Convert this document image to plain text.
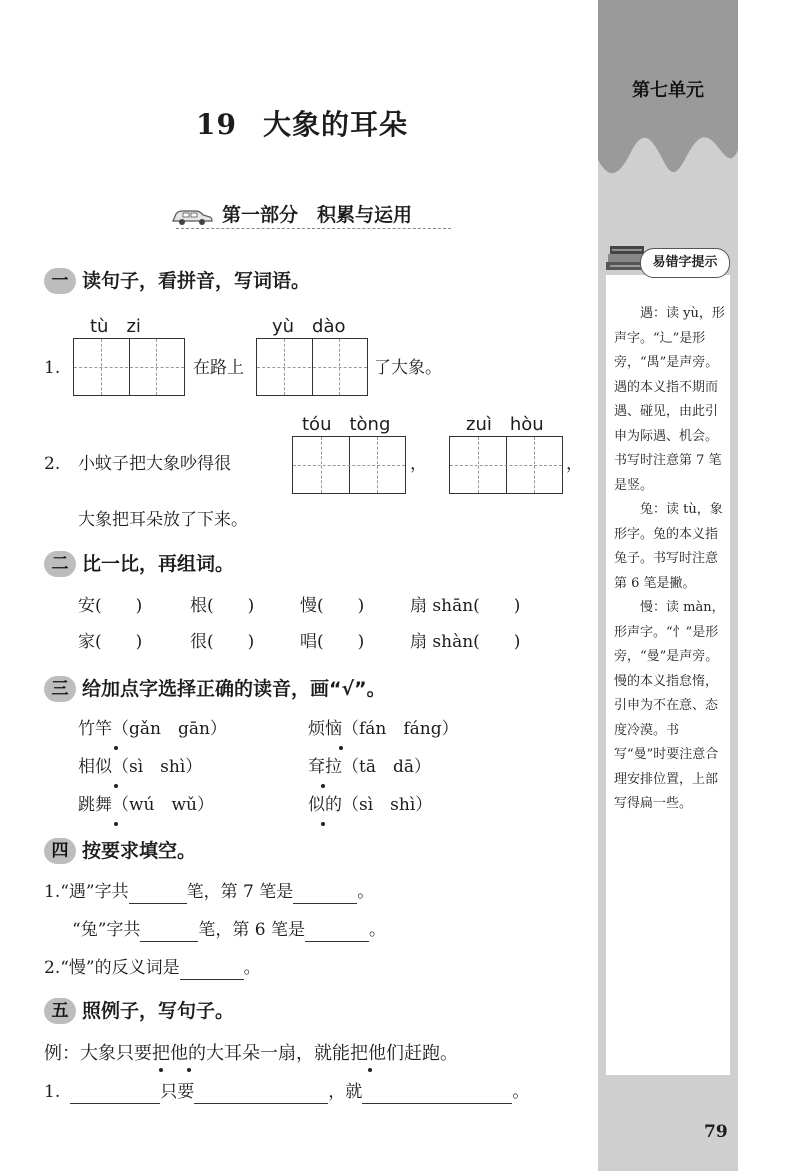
第七单元
易错字提示

遇：读 yù，形声字。“辶”是形旁，“禺”是声旁。遇的本义指不期而遇、碰见，由此引申为际遇、机会。书写时注意第 7 笔是竖。

兔：读 tù，象形字。兔的本义指兔子。书写时注意第 6 笔是撇。

慢：读 màn，形声字。“忄”是形旁，“曼”是声旁。慢的本义指怠惰，引申为不在意、态度冷漠。书写“曼”时要注意合理安排位置，上部写得扁一些。

79
19 大象的耳朵
第一部分　积累与运用
一 读句子，看拼音，写词语。
tù　zi	yù　dào
1.	在路上	了大象。
tóu　tòng	zuì　hòu
2. 小蚊子把大象吵得很	，	，
大象把耳朵放了下来。
二 比一比，再组词。
安(　　)	根(　　)	慢(　　)	扇 shān(　　)
家(　　)	很(　　)	唱(　　)	扇 shàn(　　)
三 给加点字选择正确的读音，画“√”。
竹竿（gǎn　gān）	烦恼（fán　fáng）
相似（sì　shì）	耷拉（tā　dā）
跳舞（wú　wǔ）	似的（sì　shì）
四 按要求填空。
1.“遇”字共	笔，第 7 笔是	。
“兔”字共	笔，第 6 笔是	。
2.“慢”的反义词是	。
五 照例子，写句子。
例：大象只要把他的大耳朵一扇，就能把他们赶跑。
1.	只要	，就	。
